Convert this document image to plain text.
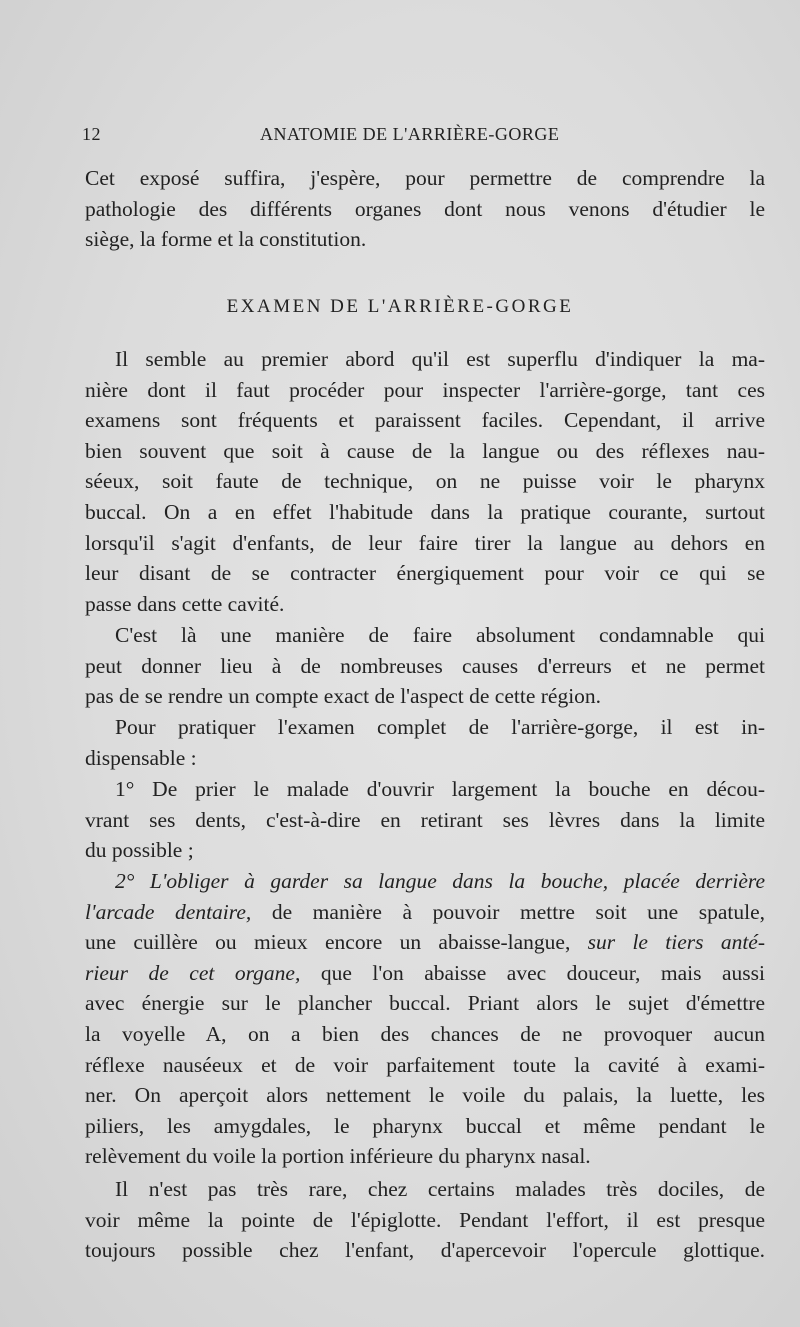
12	ANATOMIE DE L'ARRIÈRE-GORGE
Cet exposé suffira, j'espère, pour permettre de comprendre la
pathologie des différents organes dont nous venons d'étudier le
siège, la forme et la constitution.
EXAMEN DE L'ARRIÈRE-GORGE
Il semble au premier abord qu'il est superflu d'indiquer la ma-
nière dont il faut procéder pour inspecter l'arrière-gorge, tant ces
examens sont fréquents et paraissent faciles. Cependant, il arrive
bien souvent que soit à cause de la langue ou des réflexes nau-
séeux, soit faute de technique, on ne puisse voir le pharynx
buccal. On a en effet l'habitude dans la pratique courante, surtout
lorsqu'il s'agit d'enfants, de leur faire tirer la langue au dehors en
leur disant de se contracter énergiquement pour voir ce qui se
passe dans cette cavité.
C'est là une manière de faire absolument condamnable qui
peut donner lieu à de nombreuses causes d'erreurs et ne permet
pas de se rendre un compte exact de l'aspect de cette région.
Pour pratiquer l'examen complet de l'arrière-gorge, il est in-
dispensable :
1° De prier le malade d'ouvrir largement la bouche en décou-
vrant ses dents, c'est-à-dire en retirant ses lèvres dans la limite
du possible ;
2° L'obliger à garder sa langue dans la bouche, placée derrière
l'arcade dentaire, de manière à pouvoir mettre soit une spatule,
une cuillère ou mieux encore un abaisse-langue, sur le tiers anté-
rieur de cet organe, que l'on abaisse avec douceur, mais aussi
avec énergie sur le plancher buccal. Priant alors le sujet d'émettre
la voyelle A, on a bien des chances de ne provoquer aucun
réflexe nauséeux et de voir parfaitement toute la cavité à exami-
ner. On aperçoit alors nettement le voile du palais, la luette, les
piliers, les amygdales, le pharynx buccal et même pendant le
relèvement du voile la portion inférieure du pharynx nasal.
Il n'est pas très rare, chez certains malades très dociles, de
voir même la pointe de l'épiglotte. Pendant l'effort, il est presque
toujours possible chez l'enfant, d'apercevoir l'opercule glottique.
